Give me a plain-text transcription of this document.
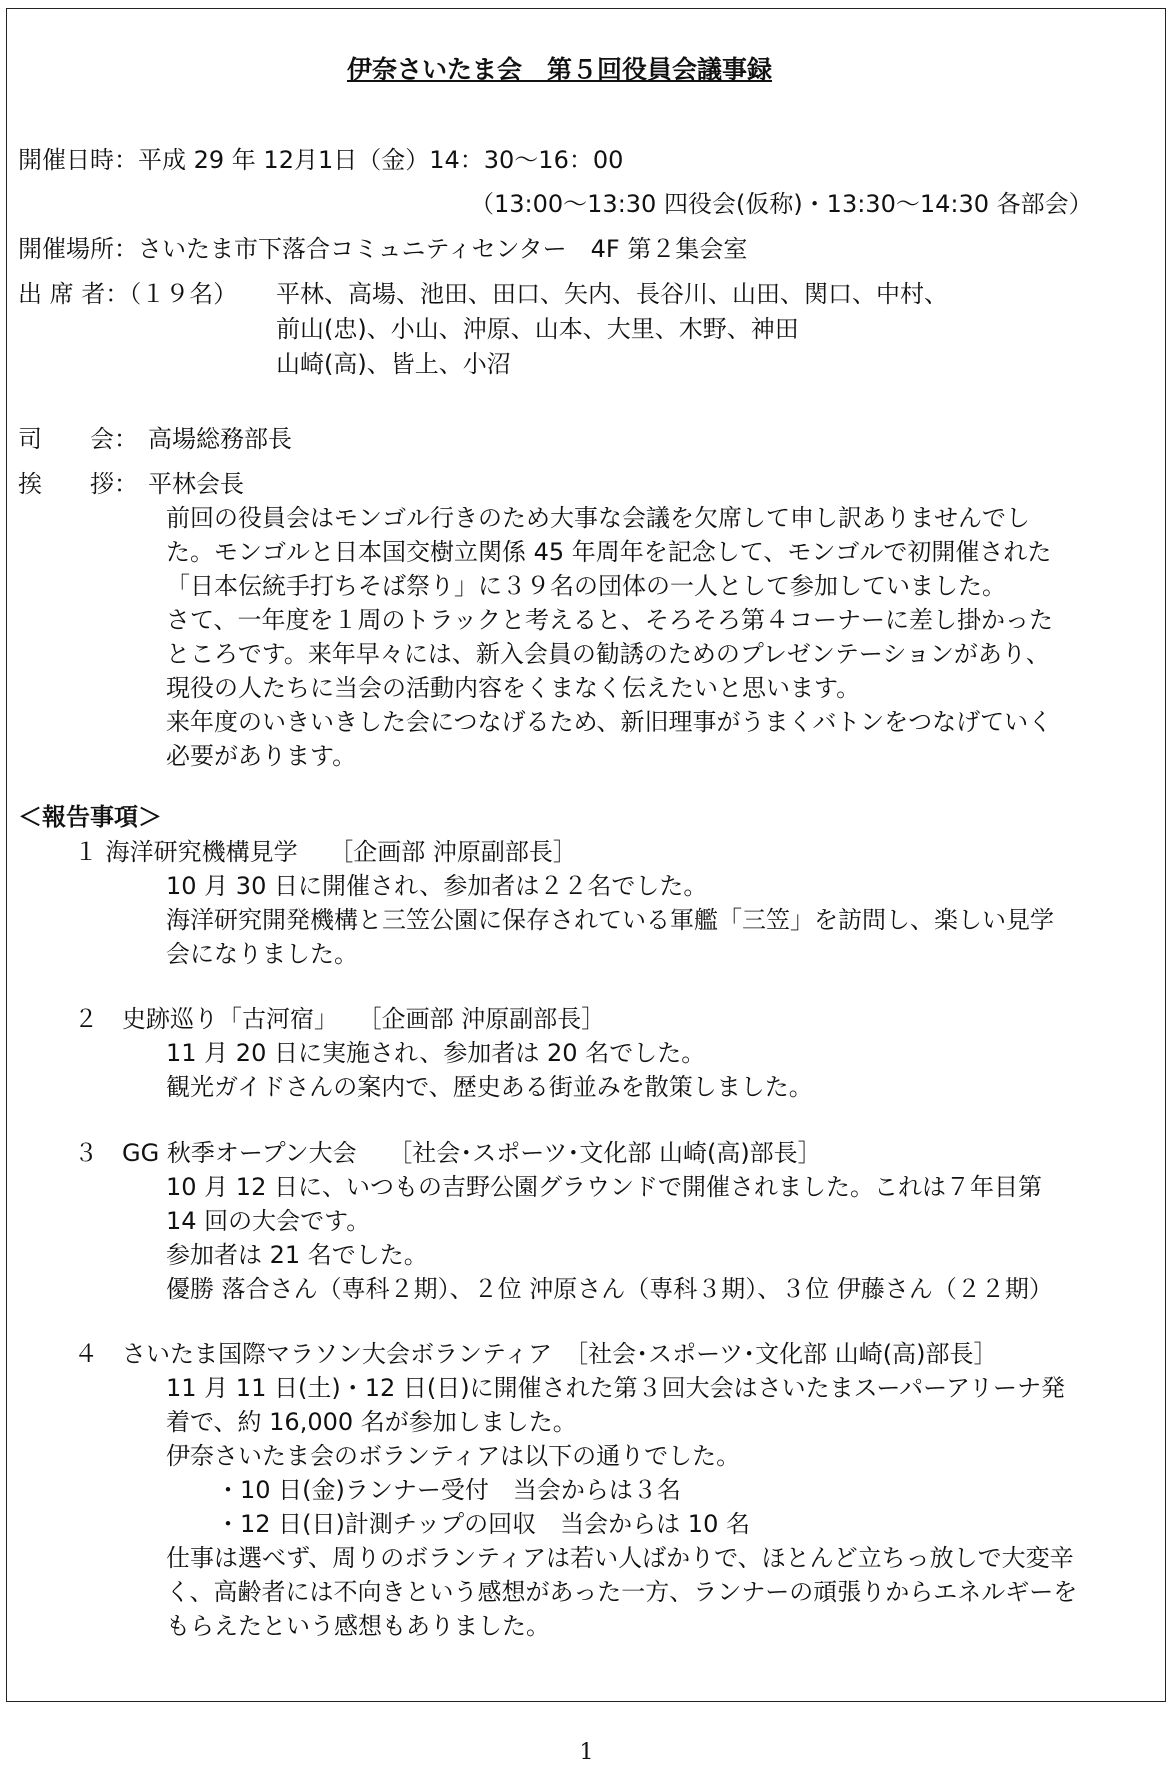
伊奈さいたま会　第５回役員会議事録
開催日時：平成 29 年 12月1日（金）14：30〜16：00
（13:00〜13:30 四役会(仮称)・13:30〜14:30 各部会）
開催場所：さいたま市下落合コミュニティセンター　4F 第２集会室
出 席 者：（１９名） 平林、高場、池田、田口、矢内、長谷川、山田、関口、中村、
前山(忠)、小山、沖原、山本、大里、木野、神田
山崎(高)、皆上、小沼
司　　会： 高場総務部長
挨　　拶： 平林会長
前回の役員会はモンゴル行きのため大事な会議を欠席して申し訳ありませんでし
た。モンゴルと日本国交樹立関係 45 年周年を記念して、モンゴルで初開催された
「日本伝統手打ちそば祭り」に３９名の団体の一人として参加していました。
さて、一年度を１周のトラックと考えると、そろそろ第４コーナーに差し掛かった
ところです。来年早々には、新入会員の勧誘のためのプレゼンテーションがあり、
現役の人たちに当会の活動内容をくまなく伝えたいと思います。
来年度のいきいきした会につなげるため、新旧理事がうまくバトンをつなげていく
必要があります。
＜報告事項＞
１ 海洋研究機構見学　 ［企画部 沖原副部長］
10 月 30 日に開催され、参加者は２２名でした。
海洋研究開発機構と三笠公園に保存されている軍艦「三笠」を訪問し、楽しい見学
会になりました。
２　史跡巡り「古河宿」 　［企画部 沖原副部長］
11 月 20 日に実施され、参加者は 20 名でした。
観光ガイドさんの案内で、歴史ある街並みを散策しました。
３　GG 秋季オープン大会　 ［社会･スポーツ･文化部 山崎(高)部長］
10 月 12 日に、いつもの吉野公園グラウンドで開催されました。これは７年目第
14 回の大会です。
参加者は 21 名でした。
優勝 落合さん（専科２期）、２位 沖原さん（専科３期）、３位 伊藤さん（２２期）
４　さいたま国際マラソン大会ボランティア　［社会･スポーツ･文化部 山崎(高)部長］
11 月 11 日(土)・12 日(日)に開催された第３回大会はさいたまスーパーアリーナ発
着で、約 16,000 名が参加しました。
伊奈さいたま会のボランティアは以下の通りでした。
・10 日(金)ランナー受付　当会からは３名
・12 日(日)計測チップの回収　当会からは 10 名
仕事は選べず、周りのボランティアは若い人ばかりで、ほとんど立ちっ放しで大変辛
く、高齢者には不向きという感想があった一方、ランナーの頑張りからエネルギーを
もらえたという感想もありました。
1
